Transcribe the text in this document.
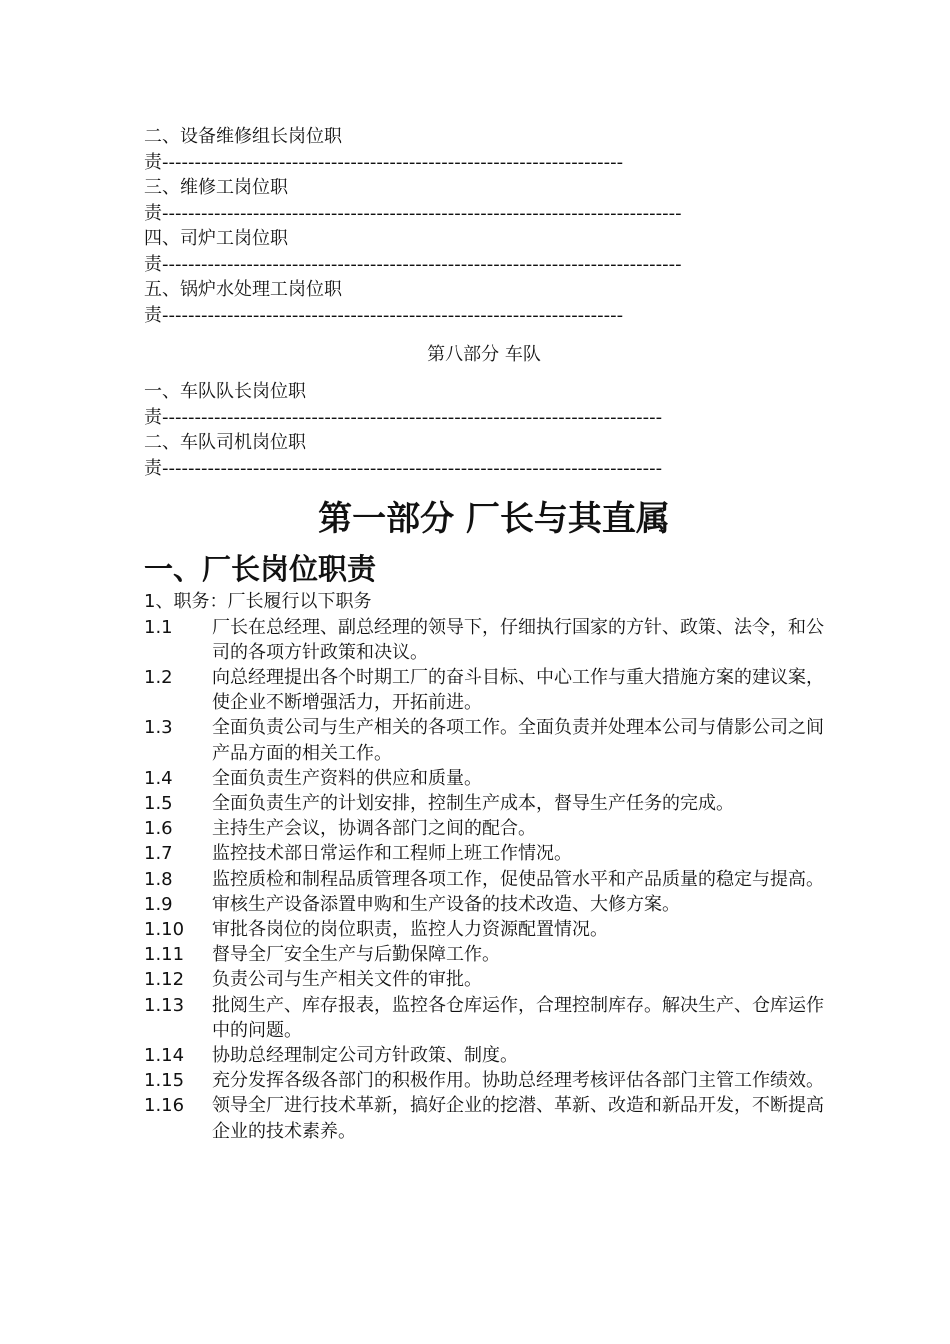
二、设备维修组长岗位职
责-----------------------------------------------------------------------
三、维修工岗位职
责--------------------------------------------------------------------------------
四、司炉工岗位职
责--------------------------------------------------------------------------------
五、锅炉水处理工岗位职
责-----------------------------------------------------------------------
第八部分 车队
一、车队队长岗位职
责-----------------------------------------------------------------------------
二、车队司机岗位职
责-----------------------------------------------------------------------------
第一部分 厂长与其直属
一、厂长岗位职责
1、职务：厂长履行以下职务
1.1	厂长在总经理、副总经理的领导下，仔细执行国家的方针、政策、法令，和公司的各项方针政策和决议。
1.2	向总经理提出各个时期工厂的奋斗目标、中心工作与重大措施方案的建议案，使企业不断增强活力，开拓前进。
1.3	全面负责公司与生产相关的各项工作。全面负责并处理本公司与倩影公司之间产品方面的相关工作。
1.4	全面负责生产资料的供应和质量。
1.5	全面负责生产的计划安排，控制生产成本，督导生产任务的完成。
1.6	主持生产会议，协调各部门之间的配合。
1.7	监控技术部日常运作和工程师上班工作情况。
1.8	监控质检和制程品质管理各项工作，促使品管水平和产品质量的稳定与提高。
1.9	审核生产设备添置申购和生产设备的技术改造、大修方案。
1.10	审批各岗位的岗位职责，监控人力资源配置情况。
1.11	督导全厂安全生产与后勤保障工作。
1.12	负责公司与生产相关文件的审批。
1.13	批阅生产、库存报表，监控各仓库运作，合理控制库存。解决生产、仓库运作中的问题。
1.14	协助总经理制定公司方针政策、制度。
1.15	充分发挥各级各部门的积极作用。协助总经理考核评估各部门主管工作绩效。
1.16	领导全厂进行技术革新，搞好企业的挖潜、革新、改造和新品开发，不断提高企业的技术素养。
